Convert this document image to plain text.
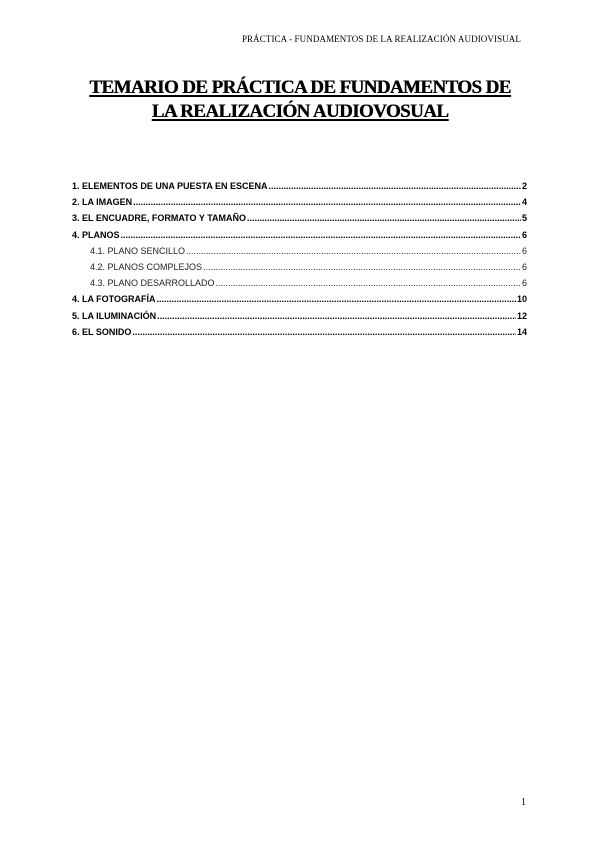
PRÁCTICA - FUNDAMENTOS DE LA REALIZACIÓN AUDIOVISUAL
TEMARIO DE PRÁCTICA DE FUNDAMENTOS DE
LA REALIZACIÓN AUDIOVOSUAL
1. ELEMENTOS DE UNA PUESTA EN ESCENA .....	2
2. LA IMAGEN .....	4
3. EL ENCUADRE, FORMATO Y TAMAÑO .....	5
4. PLANOS .....	6
4.1. PLANO SENCILLO .....	6
4.2. PLANOS COMPLEJOS .....	6
4.3. PLANO DESARROLLADO .....	6
4. LA FOTOGRAFÍA .....	10
5. LA ILUMINACIÓN .....	12
6. EL SONIDO .....	14
1
